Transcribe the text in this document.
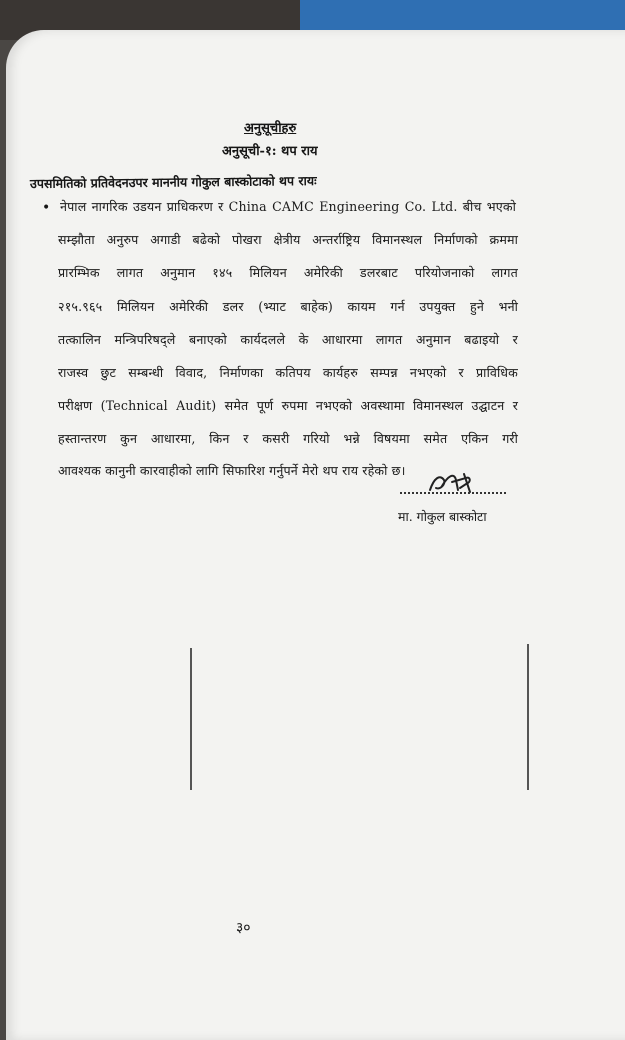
अनुसूचीहरु
अनुसूची-१: थप राय
उपसमितिको प्रतिवेदनउपर माननीय गोकुल बास्कोटाको थप रायः
• नेपाल नागरिक उडयन प्राधिकरण र China CAMC Engineering Co. Ltd. बीच भएको
सम्झौता अनुरुप अगाडी बढेको पोखरा क्षेत्रीय अन्तर्राष्ट्रिय विमानस्थल निर्माणको क्रममा
प्रारम्भिक लागत अनुमान १४५ मिलियन अमेरिकी डलरबाट परियोजनाको लागत
२१५.९६५ मिलियन अमेरिकी डलर (भ्याट बाहेक) कायम गर्न उपयुक्त हुने भनी
तत्कालिन मन्त्रिपरिषद्ले बनाएको कार्यदलले के आधारमा लागत अनुमान बढाइयो र
राजस्व छुट सम्बन्धी विवाद, निर्माणका कतिपय कार्यहरु सम्पन्न नभएको र प्राविधिक
परीक्षण (Technical Audit) समेत पूर्ण रुपमा नभएको अवस्थामा विमानस्थल उद्घाटन र
हस्तान्तरण कुन आधारमा, किन र कसरी गरियो भन्ने विषयमा समेत एकिन गरी
आवश्यक कानुनी कारवाहीको लागि सिफारिश गर्नुपर्ने मेरो थप राय रहेको छ।
मा. गोकुल बास्कोटा
३०
